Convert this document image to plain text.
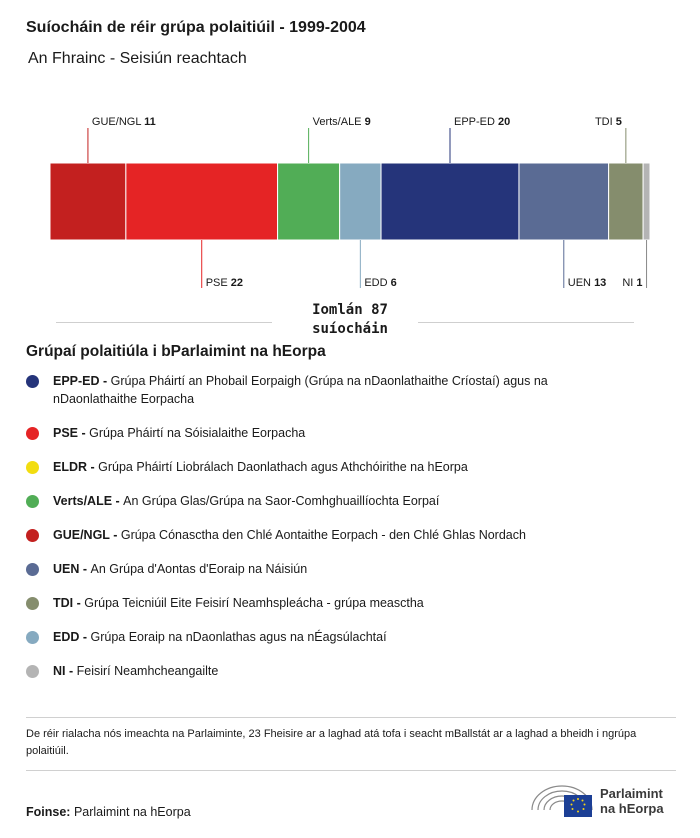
Suíocháin de réir grúpa polaitiúil - 1999-2004

An Fhrainc - Seisiún reachtach

GUE/NGL 11
PSE 22
Verts/ALE 9
EDD 6
EPP-ED 20
UEN 13
TDI 5
NI 1
Iomlán 87
suíocháin
Grúpaí polaitiúla i bParlaimint na hEorpa
EPP-ED - Grúpa Pháirtí an Phobail Eorpaigh (Grúpa na nDaonlathaithe Críostaí) agus na nDaonlathaithe Eorpacha
PSE - Grúpa Pháirtí na Sóisialaithe Eorpacha
ELDR - Grúpa Pháirtí Liobrálach Daonlathach agus Athchóirithe na hEorpa
Verts/ALE - An Grúpa Glas/Grúpa na Saor-Comhghuaillíochta Eorpaí
GUE/NGL - Grúpa Cónasctha den Chlé Aontaithe Eorpach - den Chlé Ghlas Nordach
UEN - An Grúpa d'Aontas d'Eoraip na Náisiún
TDI - Grúpa Teicniúil Eite Feisirí Neamhspleácha - grúpa measctha
EDD - Grúpa Eoraip na nDaonlathas agus na nÉagsúlachtaí
NI - Feisirí Neamhcheangailte

De réir rialacha nós imeachta na Parlaiminte, 23 Fheisire ar a laghad atá tofa i seacht mBallstát ar a laghad a bheidh i ngrúpa polaitiúil.

Foinse: Parlaimint na hEorpa

Parlaimint
na hEorpa
